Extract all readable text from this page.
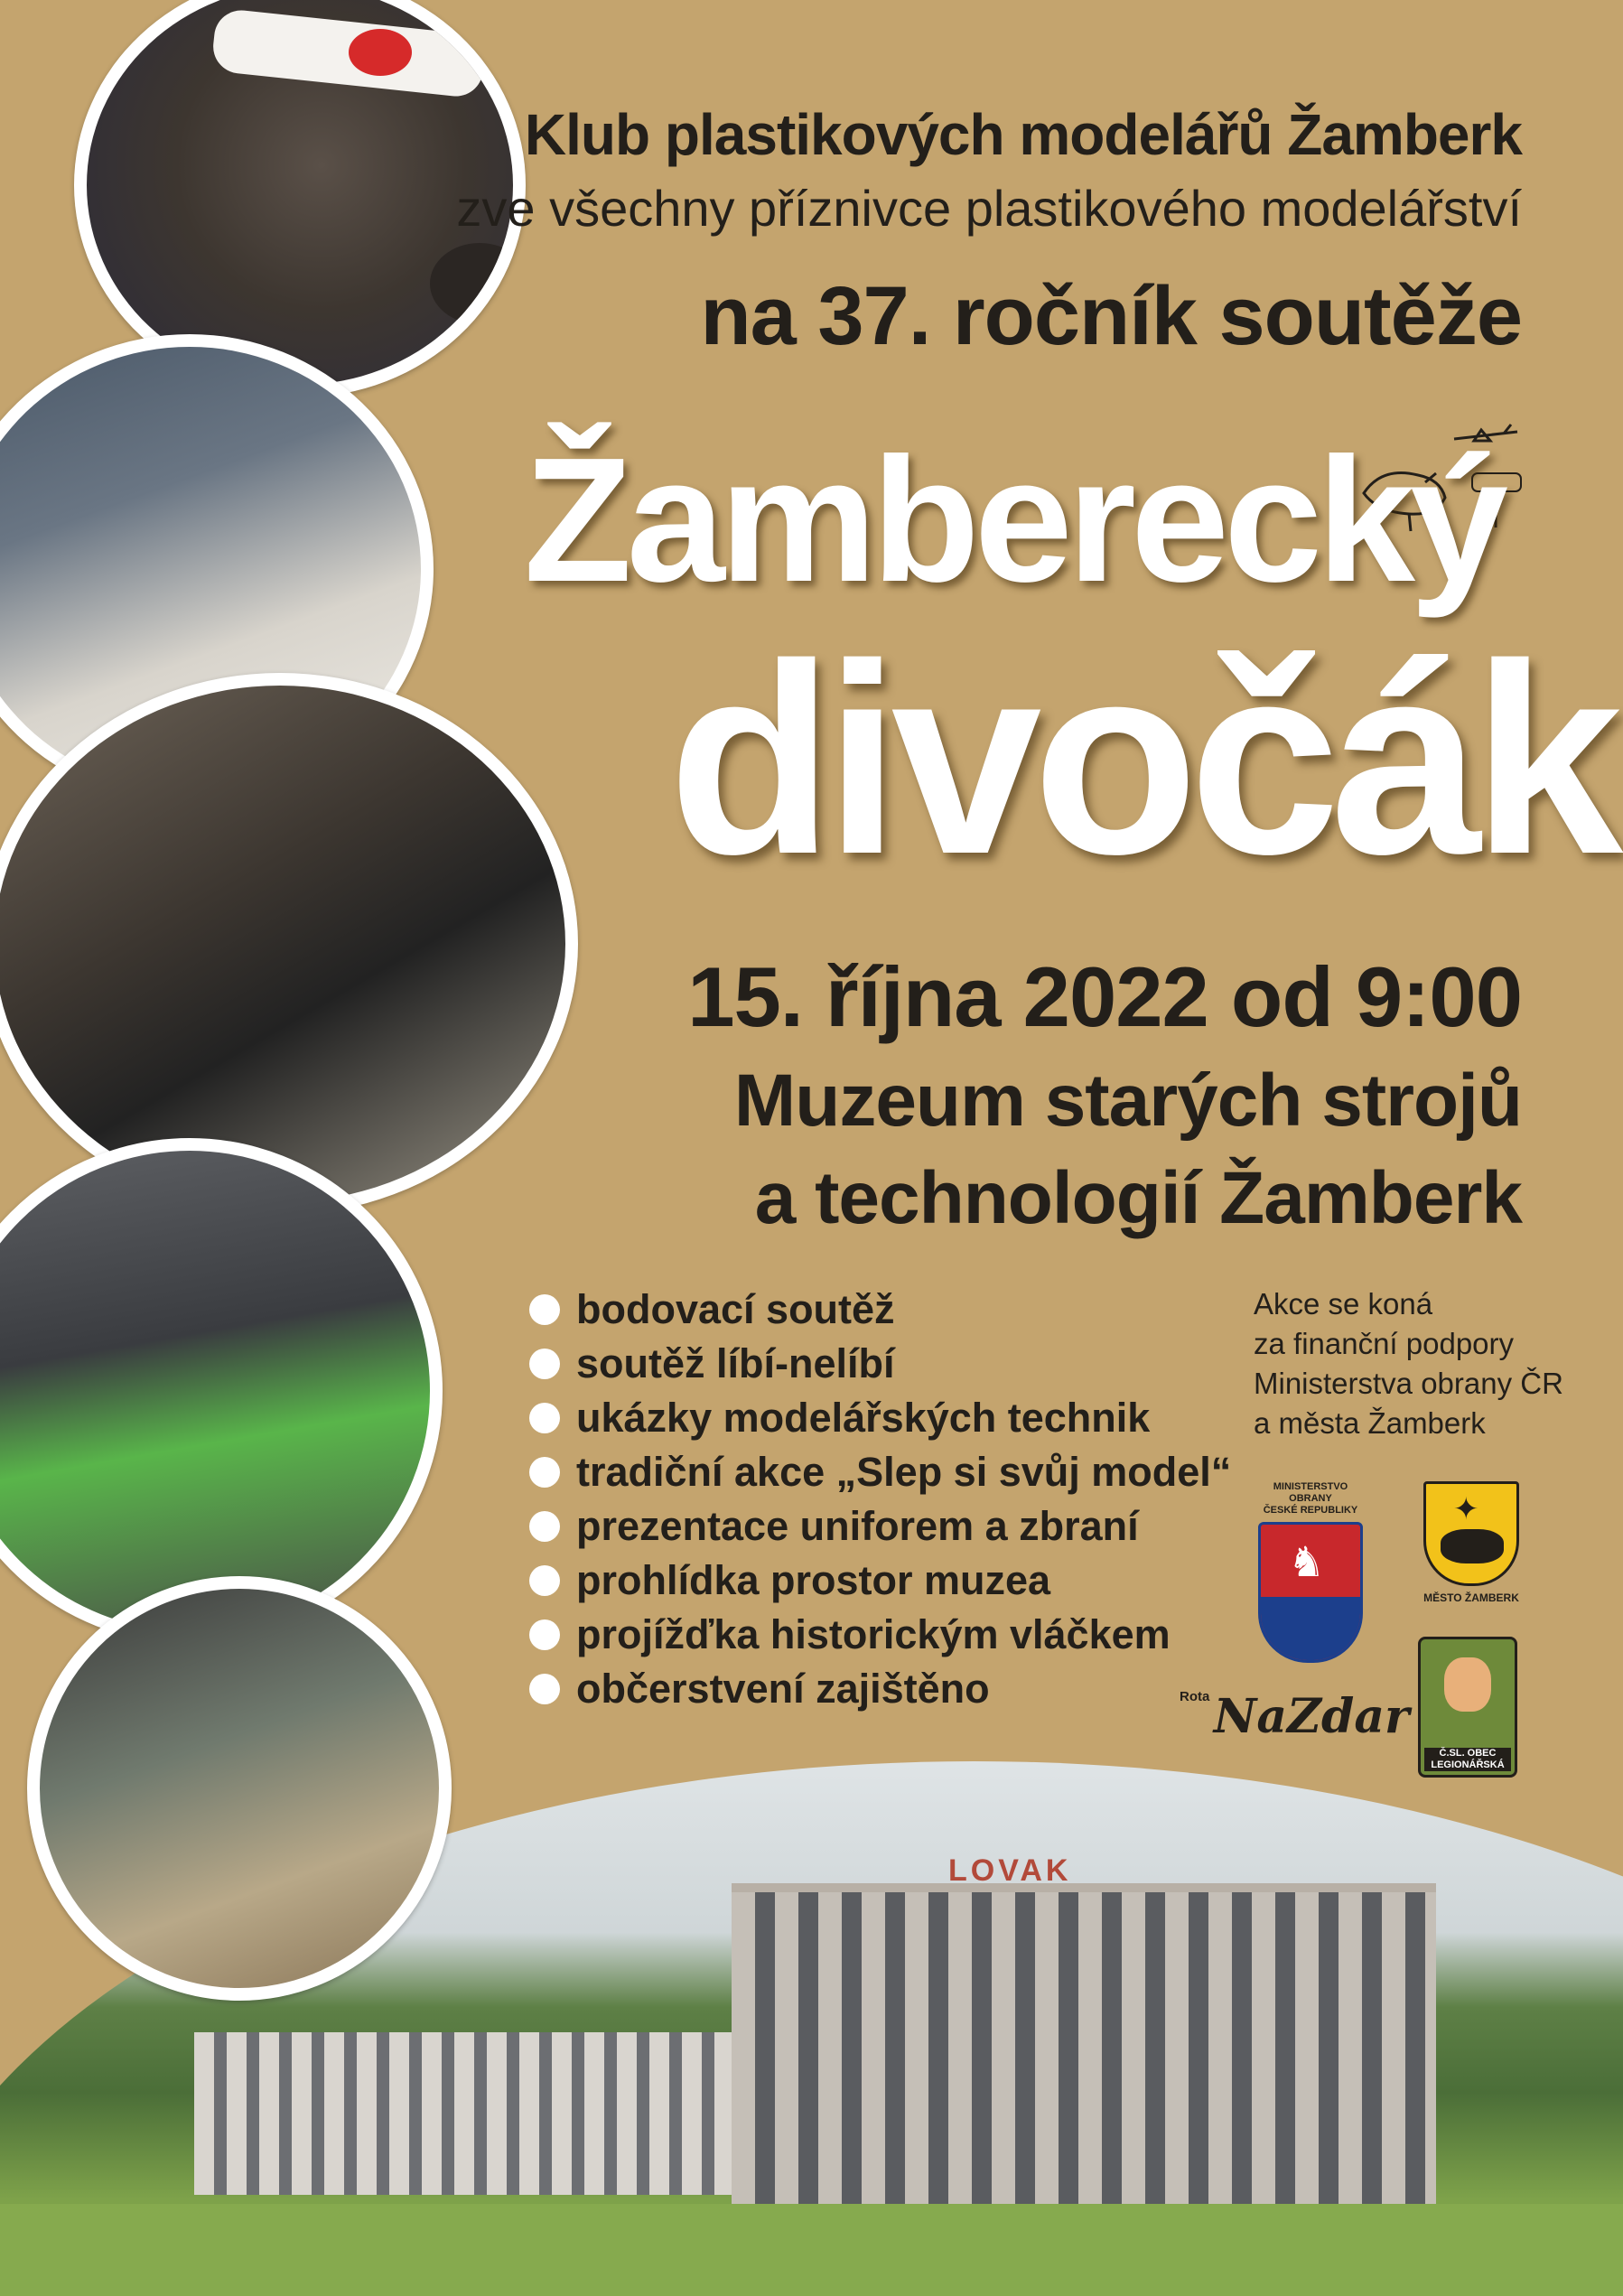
LOVAK
Klub plastikových modelářů Žamberk
zve všechny příznivce plastikového modelářství
na 37. ročník soutěže
Žamberecký
divočák
15. října 2022 od 9:00
Muzeum starých strojů
a technologií Žamberk
bodovací soutěž
soutěž líbí-nelíbí
ukázky modelářských technik
tradiční akce „Slep si svůj model“
prezentace uniforem a zbraní
prohlídka prostor muzea
projížďka historickým vláčkem
občerstvení zajištěno
Akce se koná
za finanční podpory
Ministerstva obrany ČR
a města Žamberk
MINISTERSTVO OBRANY
ČESKÉ REPUBLIKY
♞
✦
MĚSTO ŽAMBERK
Rota NaZdar
Č.SL. OBEC
LEGIONÁŘSKÁ
